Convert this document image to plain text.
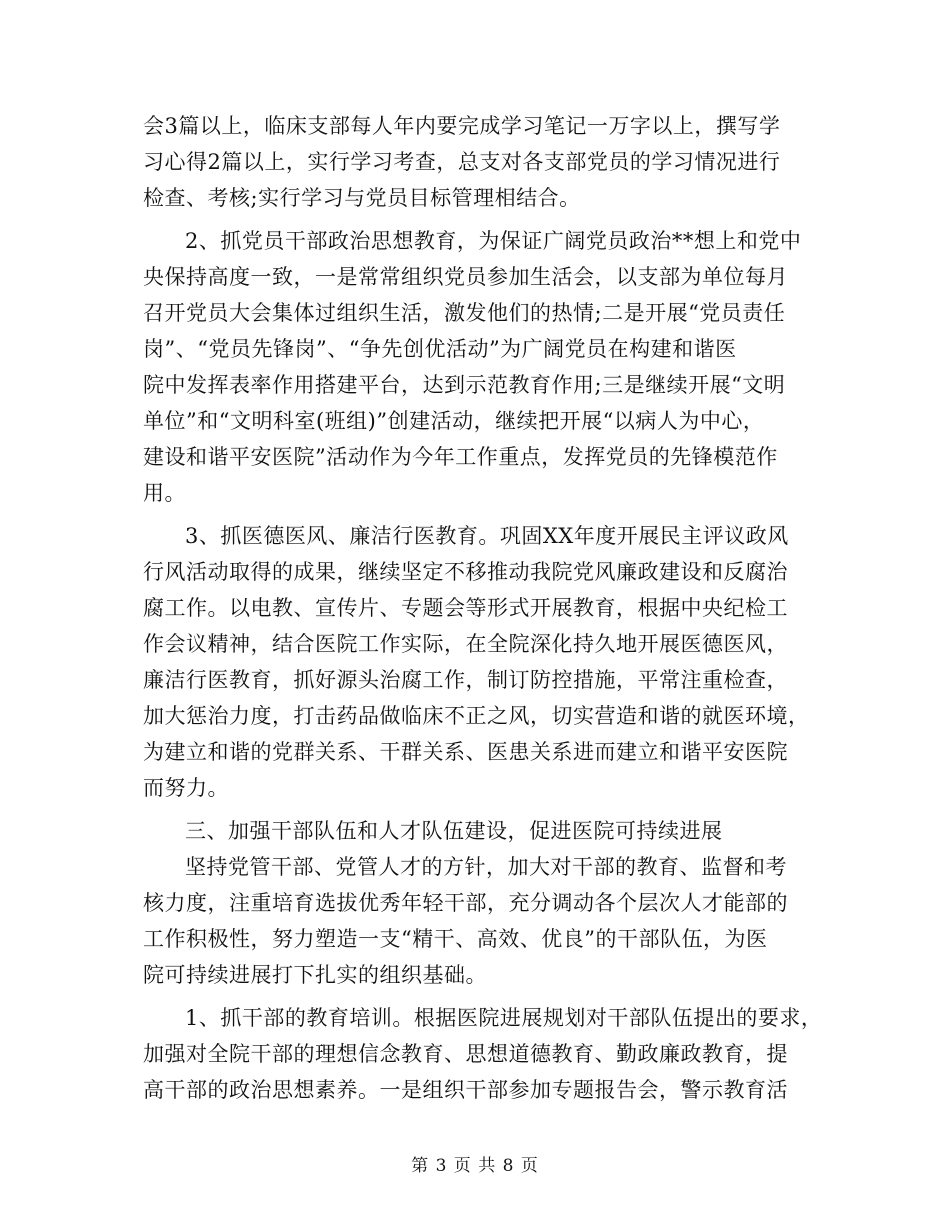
会3篇以上，临床支部每人年内要完成学习笔记一万字以上，撰写学
习心得2篇以上，实行学习考查，总支对各支部党员的学习情况进行
检查、考核;实行学习与党员目标管理相结合。
2、抓党员干部政治思想教育，为保证广阔党员政治**想上和党中
央保持高度一致，一是常常组织党员参加生活会，以支部为单位每月
召开党员大会集体过组织生活，激发他们的热情;二是开展“党员责任
岗”、“党员先锋岗”、“争先创优活动”为广阔党员在构建和谐医
院中发挥表率作用搭建平台，达到示范教育作用;三是继续开展“文明
单位”和“文明科室(班组)”创建活动，继续把开展“以病人为中心，
建设和谐平安医院”活动作为今年工作重点，发挥党员的先锋模范作
用。
3、抓医德医风、廉洁行医教育。巩固XX年度开展民主评议政风
行风活动取得的成果，继续坚定不移推动我院党风廉政建设和反腐治
腐工作。以电教、宣传片、专题会等形式开展教育，根据中央纪检工
作会议精神，结合医院工作实际，在全院深化持久地开展医德医风，
廉洁行医教育，抓好源头治腐工作，制订防控措施，平常注重检查，
加大惩治力度，打击药品做临床不正之风，切实营造和谐的就医环境，
为建立和谐的党群关系、干群关系、医患关系进而建立和谐平安医院
而努力。
三、加强干部队伍和人才队伍建设，促进医院可持续进展
坚持党管干部、党管人才的方针，加大对干部的教育、监督和考
核力度，注重培育选拔优秀年轻干部，充分调动各个层次人才能部的
工作积极性，努力塑造一支“精干、高效、优良”的干部队伍，为医
院可持续进展打下扎实的组织基础。
1、抓干部的教育培训。根据医院进展规划对干部队伍提出的要求，
加强对全院干部的理想信念教育、思想道德教育、勤政廉政教育，提
高干部的政治思想素养。一是组织干部参加专题报告会，警示教育活
第 3 页 共 8 页
